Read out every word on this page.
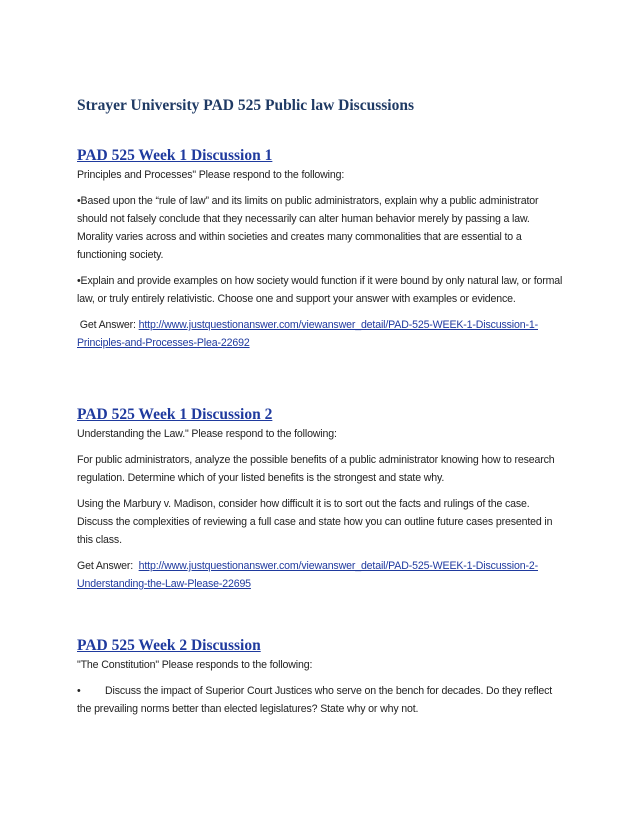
Strayer University PAD 525 Public law Discussions
PAD 525 Week 1 Discussion 1

Principles and Processes" Please respond to the following:

•Based upon the “rule of law” and its limits on public administrators, explain why a public administrator should not falsely conclude that they necessarily can alter human behavior merely by passing a law. Morality varies across and within societies and creates many commonalities that are essential to a functioning society.

•Explain and provide examples on how society would function if it were bound by only natural law, or formal law, or truly entirely relativistic. Choose one and support your answer with examples or evidence.

Get Answer: http://www.justquestionanswer.com/viewanswer_detail/PAD-525-WEEK-1-Discussion-1-Principles-and-Processes-Plea-22692

PAD 525 Week 1 Discussion 2

Understanding the Law." Please respond to the following:

For public administrators, analyze the possible benefits of a public administrator knowing how to research regulation. Determine which of your listed benefits is the strongest and state why.

Using the Marbury v. Madison, consider how difficult it is to sort out the facts and rulings of the case. Discuss the complexities of reviewing a full case and state how you can outline future cases presented in this class.

Get Answer:  http://www.justquestionanswer.com/viewanswer_detail/PAD-525-WEEK-1-Discussion-2-Understanding-the-Law-Please-22695

PAD 525 Week 2 Discussion

"The Constitution" Please responds to the following:

• Discuss the impact of Superior Court Justices who serve on the bench for decades. Do they reflect the prevailing norms better than elected legislatures? State why or why not.
